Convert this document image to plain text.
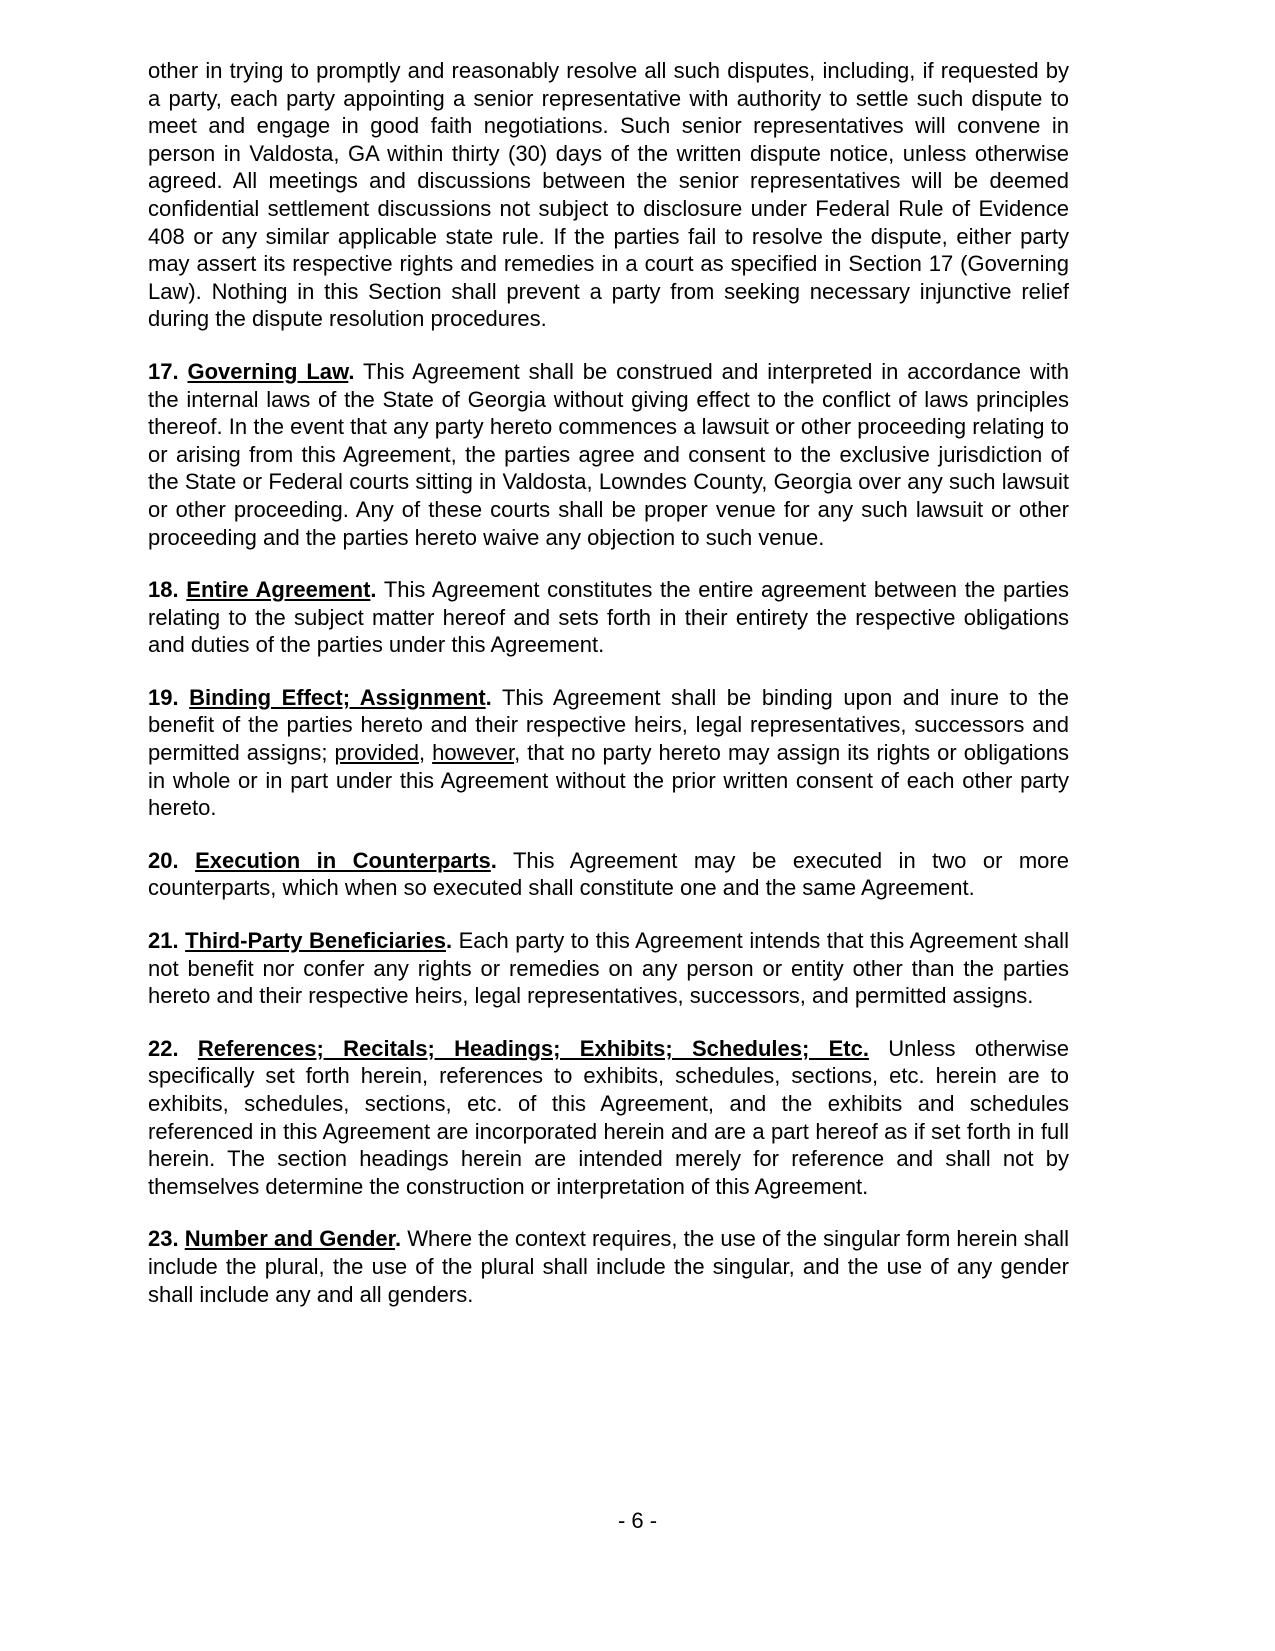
other in trying to promptly and reasonably resolve all such disputes, including, if requested by a party, each party appointing a senior representative with authority to settle such dispute to meet and engage in good faith negotiations. Such senior representatives will convene in person in Valdosta, GA within thirty (30) days of the written dispute notice, unless otherwise agreed. All meetings and discussions between the senior representatives will be deemed confidential settlement discussions not subject to disclosure under Federal Rule of Evidence 408 or any similar applicable state rule. If the parties fail to resolve the dispute, either party may assert its respective rights and remedies in a court as specified in Section 17 (Governing Law). Nothing in this Section shall prevent a party from seeking necessary injunctive relief during the dispute resolution procedures.

17. Governing Law. This Agreement shall be construed and interpreted in accordance with the internal laws of the State of Georgia without giving effect to the conflict of laws principles thereof. In the event that any party hereto commences a lawsuit or other proceeding relating to or arising from this Agreement, the parties agree and consent to the exclusive jurisdiction of the State or Federal courts sitting in Valdosta, Lowndes County, Georgia over any such lawsuit or other proceeding. Any of these courts shall be proper venue for any such lawsuit or other proceeding and the parties hereto waive any objection to such venue.

18. Entire Agreement. This Agreement constitutes the entire agreement between the parties relating to the subject matter hereof and sets forth in their entirety the respective obligations and duties of the parties under this Agreement.

19. Binding Effect; Assignment. This Agreement shall be binding upon and inure to the benefit of the parties hereto and their respective heirs, legal representatives, successors and permitted assigns; provided, however, that no party hereto may assign its rights or obligations in whole or in part under this Agreement without the prior written consent of each other party hereto.

20. Execution in Counterparts. This Agreement may be executed in two or more counterparts, which when so executed shall constitute one and the same Agreement.

21. Third-Party Beneficiaries. Each party to this Agreement intends that this Agreement shall not benefit nor confer any rights or remedies on any person or entity other than the parties hereto and their respective heirs, legal representatives, successors, and permitted assigns.

22. References; Recitals; Headings; Exhibits; Schedules; Etc. Unless otherwise specifically set forth herein, references to exhibits, schedules, sections, etc. herein are to exhibits, schedules, sections, etc. of this Agreement, and the exhibits and schedules referenced in this Agreement are incorporated herein and are a part hereof as if set forth in full herein. The section headings herein are intended merely for reference and shall not by themselves determine the construction or interpretation of this Agreement.

23. Number and Gender. Where the context requires, the use of the singular form herein shall include the plural, the use of the plural shall include the singular, and the use of any gender shall include any and all genders.

- 6 -
